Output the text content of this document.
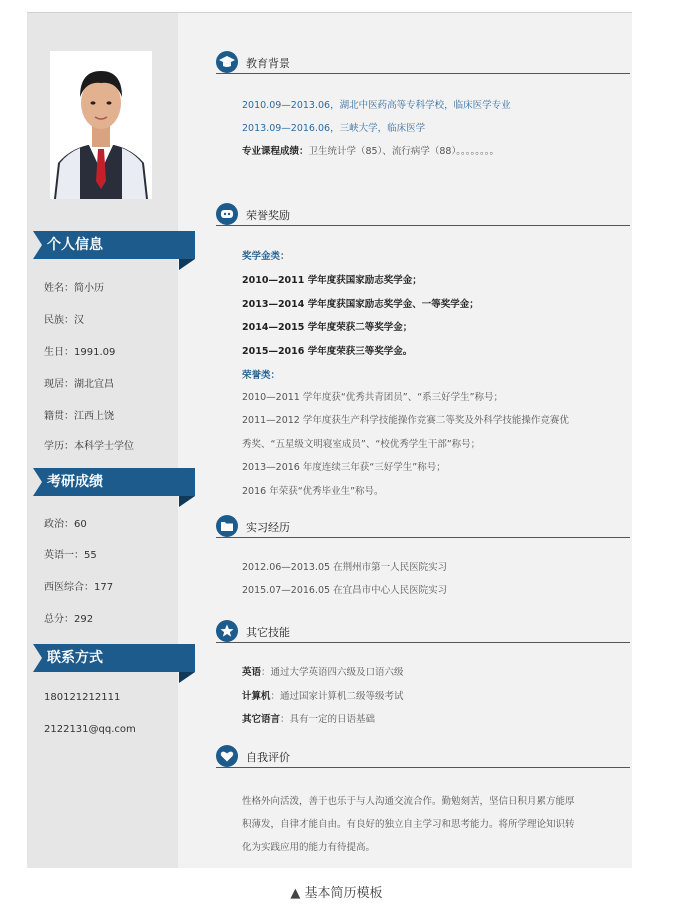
个人信息
姓名：简小历
民族：汉
生日：1991.09
现居：湖北宜昌
籍贯：江西上饶
学历：本科学士学位
考研成绩
政治：60
英语一：55
西医综合：177
总分：292
联系方式
180121212111
2122131@qq.com
教育背景
2010.09—2013.06，湖北中医药高等专科学校，临床医学专业
2013.09—2016.06，三峡大学，临床医学
专业课程成绩：卫生统计学（85）、流行病学（88）。。。。。。。。
荣誉奖励
奖学金类：
2010—2011 学年度获国家励志奖学金；
2013—2014 学年度获国家励志奖学金、一等奖学金；
2014—2015 学年度荣获二等奖学金；
2015—2016 学年度荣获三等奖学金。
荣誉类：
2010—2011 学年度获“优秀共青团员”、“系三好学生”称号；
2011—2012 学年度获生产科学技能操作竞赛二等奖及外科学技能操作竞赛优
秀奖、“五星级文明寝室成员”、“校优秀学生干部”称号；
2013—2016 年度连续三年获“三好学生”称号；
2016 年荣获“优秀毕业生”称号。
实习经历
2012.06—2013.05 在荆州市第一人民医院实习
2015.07—2016.05 在宜昌市中心人民医院实习
其它技能
英语：通过大学英语四六级及口语六级
计算机：通过国家计算机二级等级考试
其它语言：具有一定的日语基础
自我评价
性格外向活泼，善于也乐于与人沟通交流合作。勤勉刻苦，坚信日积月累方能厚
积薄发，自律才能自由。有良好的独立自主学习和思考能力。将所学理论知识转
化为实践应用的能力有待提高。
▲ 基本简历模板
